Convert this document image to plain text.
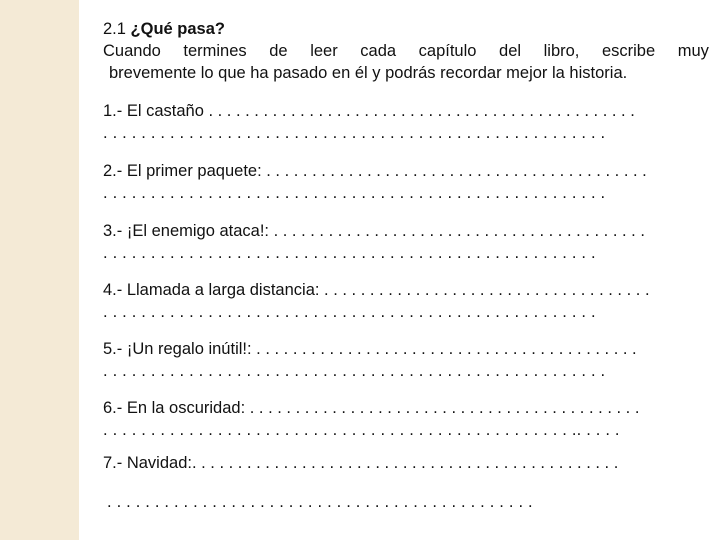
2.1 ¿Qué pasa?
Cuando termines de leer cada capítulo del libro, escribe muy
brevemente lo que ha pasado en él y podrás recordar mejor la historia.
1.- El castaño . . . . . . . . . . . . . . . . . . . . . . . . . . . . . . . . . . . . . . . . . . . . . . .
. . . . . . . . . . . . . . . . . . . . . . . . . . . . . . . . . . . . . . . . . . . . . . . . . . . . .
2.- El primer paquete: . . . . . . . . . . . . . . . . . . . . . . . . . . . . . . . . . . . . . . . . . .
. . . . . . . . . . . . . . . . . . . . . . . . . . . . . . . . . . . . . . . . . . . . . . . . . . . . .
3.- ¡El enemigo ataca!: . . . . . . . . . . . . . . . . . . . . . . . . . . . . . . . . . . . . . . . . .
. . . . . . . . . . . . . . . . . . . . . . . . . . . . . . . . . . . . . . . . . . . . . . . . . . . .
4.- Llamada a larga distancia: . . . . . . . . . . . . . . . . . . . . . . . . . . . . . . . . . . . .
. . . . . . . . . . . . . . . . . . . . . . . . . . . . . . . . . . . . . . . . . . . . . . . . . . . .
5.- ¡Un regalo inútil!: . . . . . . . . . . . . . . . . . . . . . . . . . . . . . . . . . . . . . . . . . .
. . . . . . . . . . . . . . . . . . . . . . . . . . . . . . . . . . . . . . . . . . . . . . . . . . . . .
6.- En la oscuridad: . . . . . . . . . . . . . . . . . . . . . . . . . . . . . . . . . . . . . . . . . . .
. . . . . . . . . . . . . . . . . . . . . . . . . . . . . . . . . . . . . . . . . . . . . . . . . .. . . . .
7.- Navidad:. . . . . . . . . . . . . . . . . . . . . . . . . . . . . . . . . . . . . . . . . . . . . . .
. . . . . . . . . . . . . . . . . . . . . . . . . . . . . . . . . . . . . . . . . . . . .
